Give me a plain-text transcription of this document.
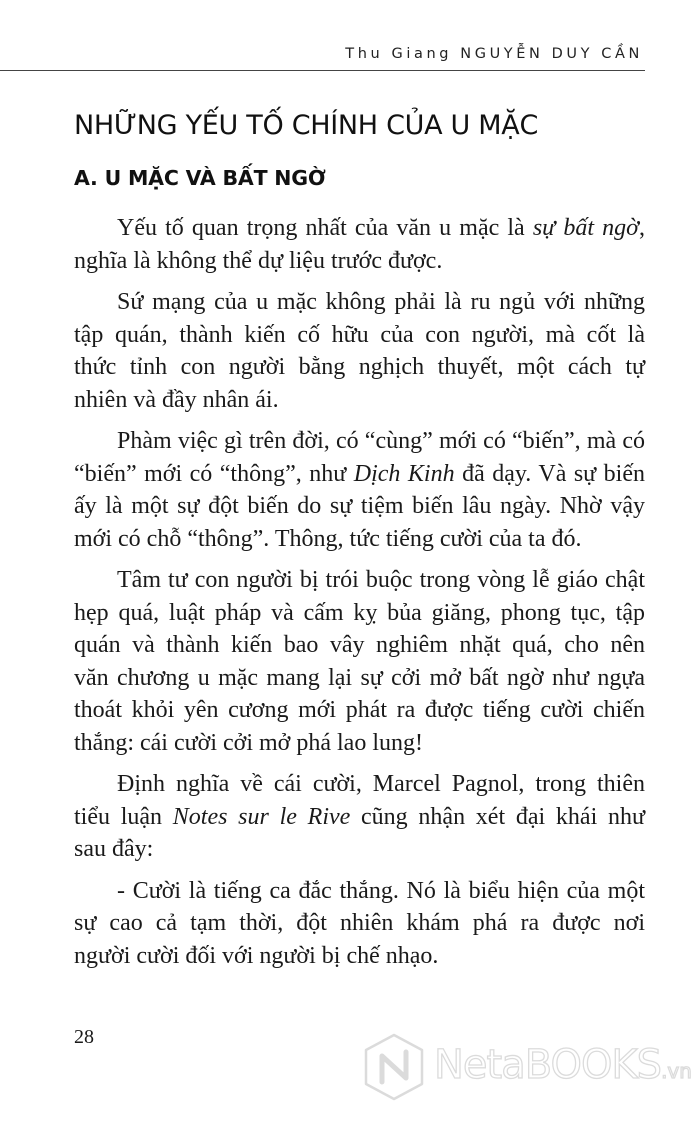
Thu Giang NGUYỄN DUY CẦN
NHỮNG YẾU TỐ CHÍNH CỦA U MẶC
A. U MẶC VÀ BẤT NGỜ

Yếu tố quan trọng nhất của văn u mặc là sự bất ngờ,
nghĩa là không thể dự liệu trước được.

Sứ mạng của u mặc không phải là ru ngủ với những
tập quán, thành kiến cố hữu của con người, mà cốt là
thức tỉnh con người bằng nghịch thuyết, một cách tự
nhiên và đầy nhân ái.

Phàm việc gì trên đời, có “cùng” mới có “biến”, mà có
“biến” mới có “thông”, như Dịch Kinh đã dạy. Và sự biến
ấy là một sự đột biến do sự tiệm biến lâu ngày. Nhờ vậy
mới có chỗ “thông”. Thông, tức tiếng cười của ta đó.

Tâm tư con người bị trói buộc trong vòng lễ giáo chật
hẹp quá, luật pháp và cấm kỵ bủa giăng, phong tục, tập
quán và thành kiến bao vây nghiêm nhặt quá, cho nên
văn chương u mặc mang lại sự cởi mở bất ngờ như ngựa
thoát khỏi yên cương mới phát ra được tiếng cười chiến
thắng: cái cười cởi mở phá lao lung!

Định nghĩa về cái cười, Marcel Pagnol, trong thiên
tiểu luận Notes sur le Rive cũng nhận xét đại khái như
sau đây:

- Cười là tiếng ca đắc thắng. Nó là biểu hiện của một
sự cao cả tạm thời, đột nhiên khám phá ra được nơi
người cười đối với người bị chế nhạo.

28
NetaBOOKS.vn
